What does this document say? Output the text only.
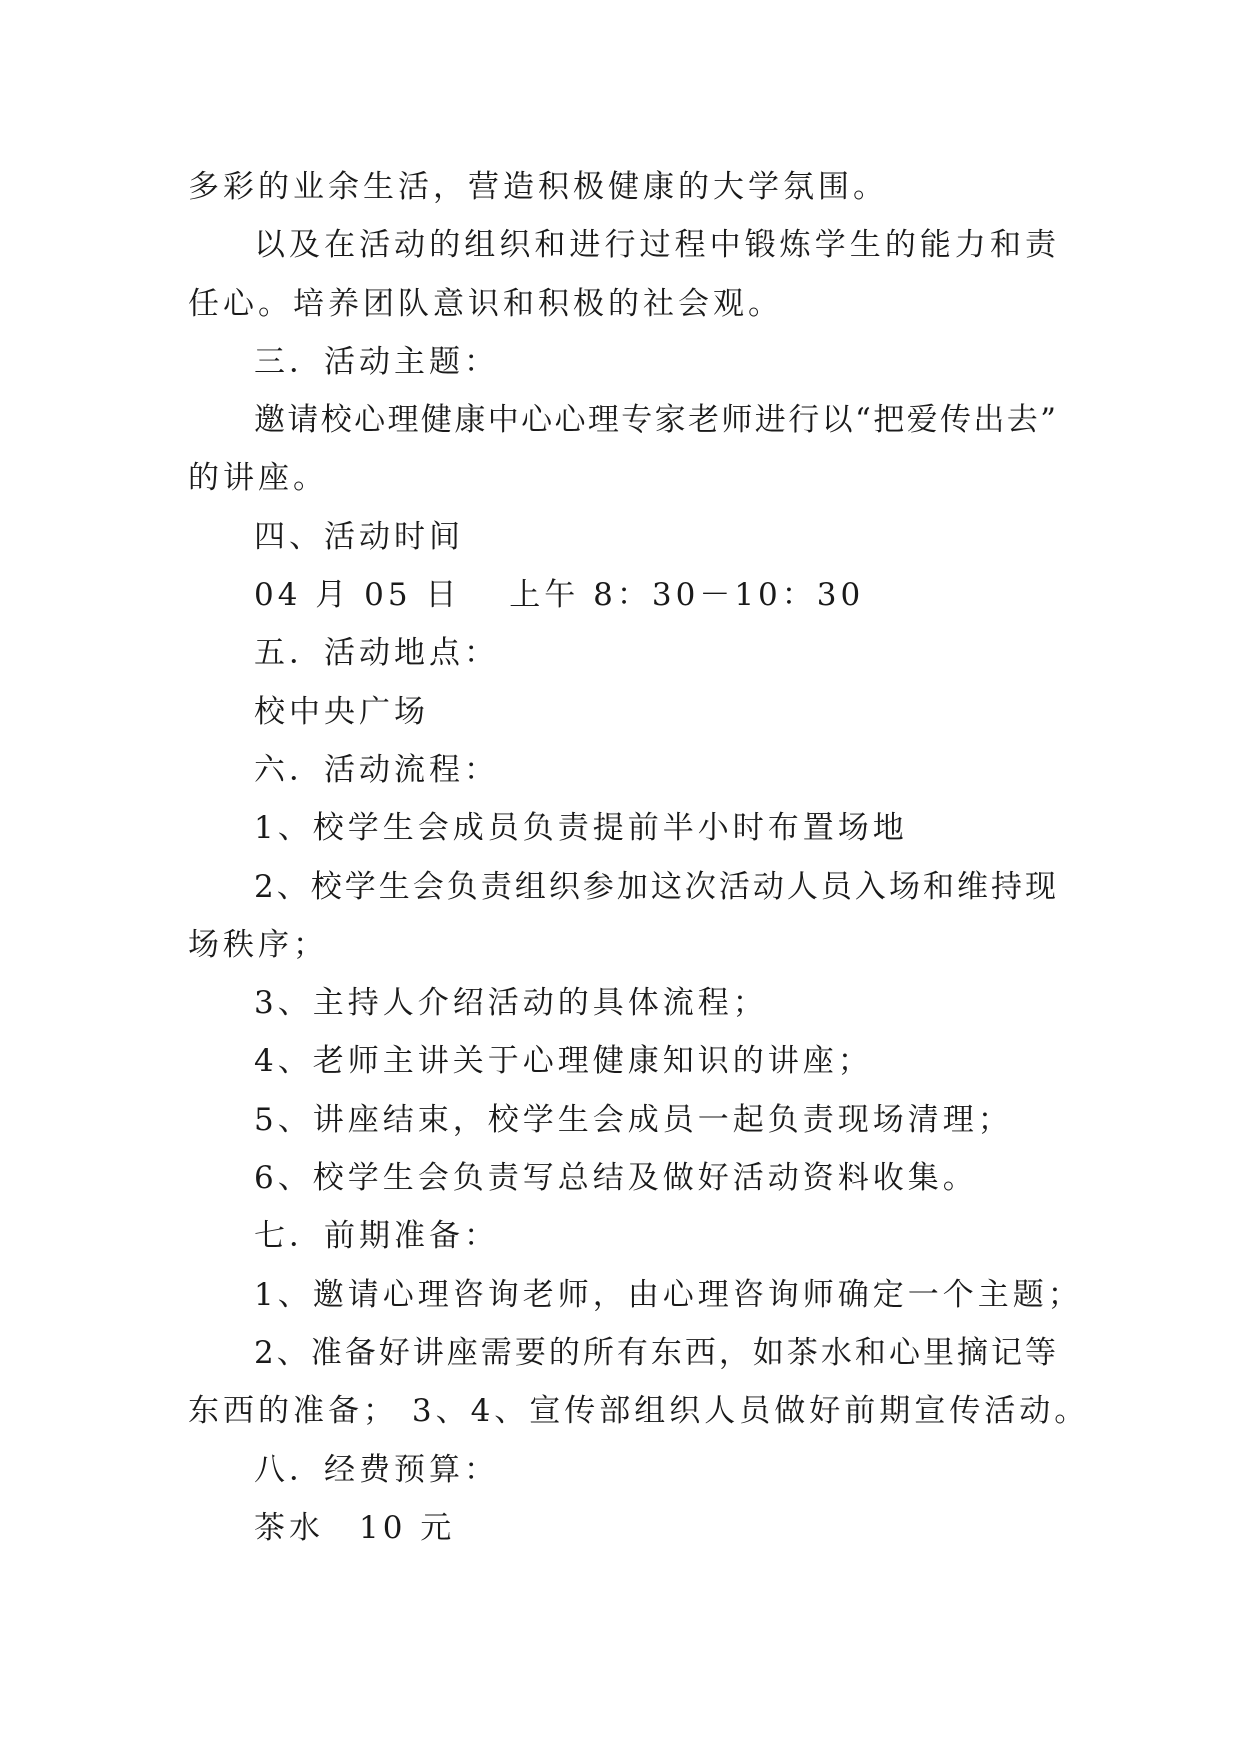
多彩的业余生活，营造积极健康的大学氛围。
以及在活动的组织和进行过程中锻炼学生的能力和责
任心。培养团队意识和积极的社会观。
三．活动主题：
邀请校心理健康中心心理专家老师进行以“把爱传出去”
的讲座。
四、活动时间
04 月 05 日　 上午 8：30－10：30
五．活动地点：
校中央广场
六．活动流程：
1、校学生会成员负责提前半小时布置场地
2、校学生会负责组织参加这次活动人员入场和维持现
场秩序；
3、主持人介绍活动的具体流程；
4、老师主讲关于心理健康知识的讲座；
5、讲座结束，校学生会成员一起负责现场清理；
6、校学生会负责写总结及做好活动资料收集。
七．前期准备：
1、邀请心理咨询老师，由心理咨询师确定一个主题；
2、准备好讲座需要的所有东西，如茶水和心里摘记等
东西的准备； 3、4、宣传部组织人员做好前期宣传活动。
八．经费预算：
茶水　10 元
